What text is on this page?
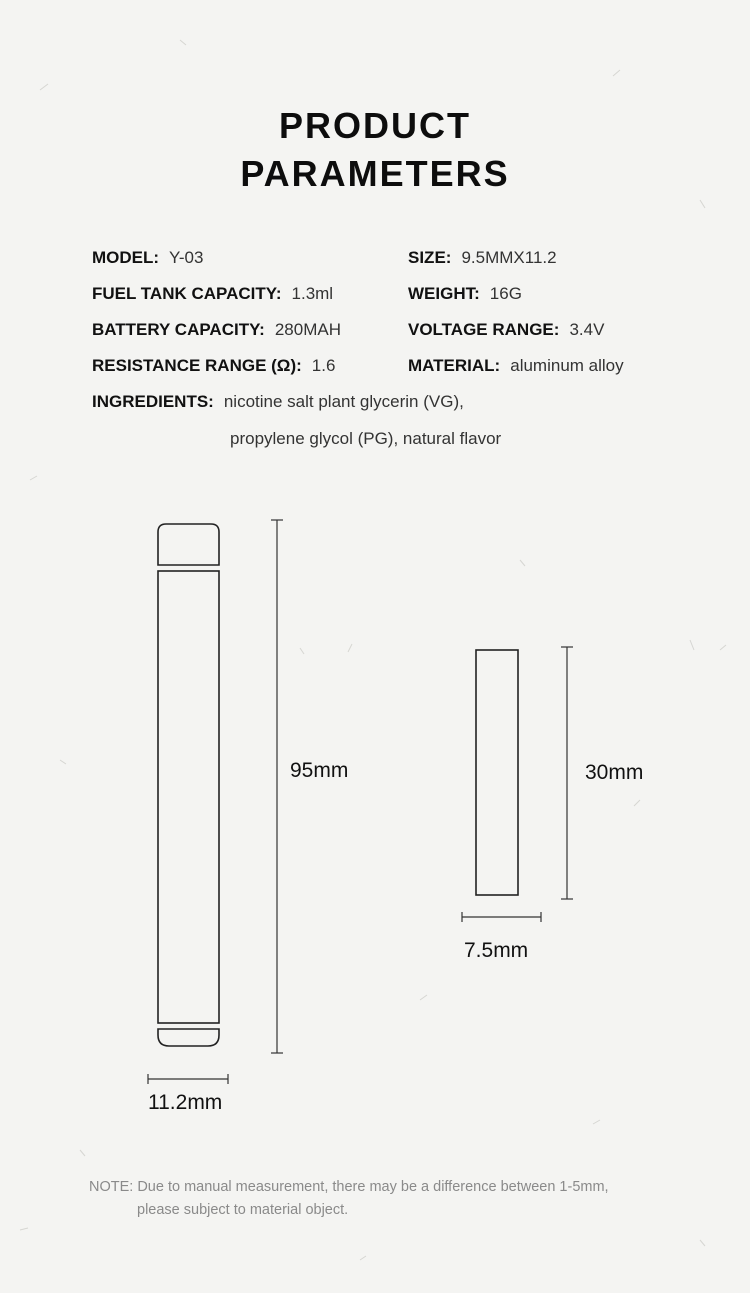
PRODUCT
PARAMETERS
MODEL: Y-03
FUEL TANK CAPACITY: 1.3ml
BATTERY CAPACITY: 280MAH
RESISTANCE RANGE (Ω): 1.6
INGREDIENTS: nicotine salt plant glycerin (VG),
propylene glycol (PG), natural flavor
SIZE: 9.5MMX11.2
WEIGHT: 16G
VOLTAGE RANGE: 3.4V
MATERIAL: aluminum alloy
95mm
11.2mm
30mm
7.5mm
NOTE: Due to manual measurement, there may be a difference between 1-5mm,
please subject to material object.
